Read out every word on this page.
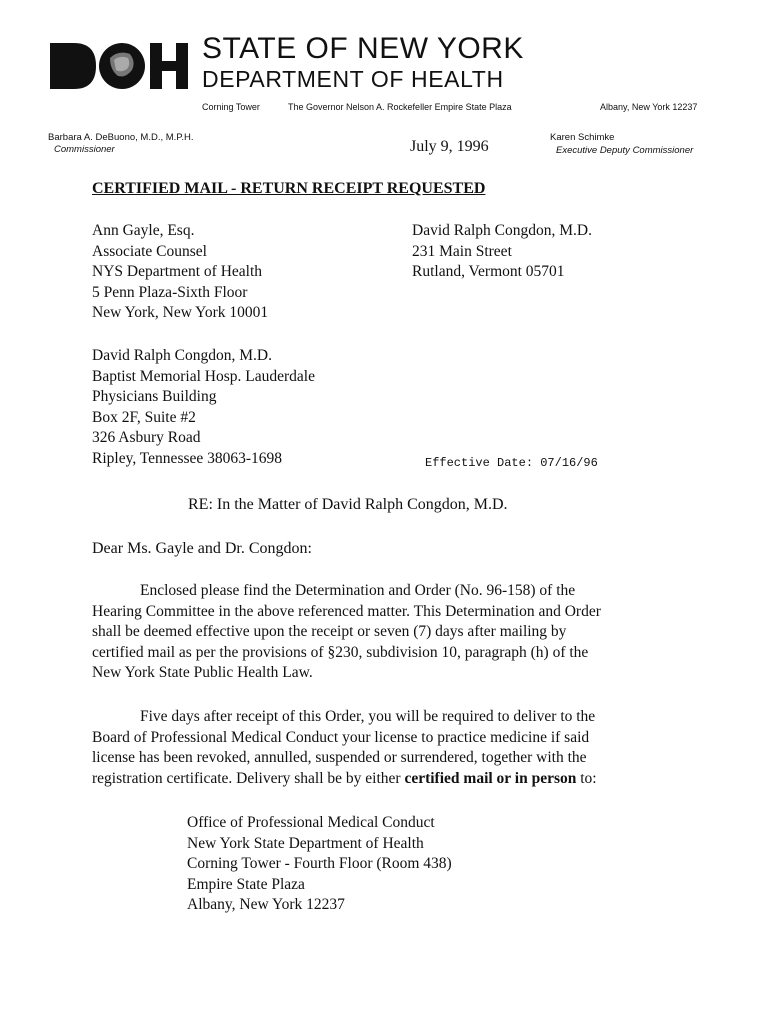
STATE OF NEW YORK
DEPARTMENT OF HEALTH
Corning Tower	The Governor Nelson A. Rockefeller Empire State Plaza	Albany, New York 12237
Barbara A. DeBuono, M.D., M.P.H.
Commissioner	July 9, 1996
Karen Schimke
Executive Deputy Commissioner
CERTIFIED MAIL - RETURN RECEIPT REQUESTED
Ann Gayle, Esq.
Associate Counsel
NYS Department of Health
5 Penn Plaza-Sixth Floor
New York, New York 10001
David Ralph Congdon, M.D.
231 Main Street
Rutland, Vermont 05701
David Ralph Congdon, M.D.
Baptist Memorial Hosp. Lauderdale
Physicians Building
Box 2F, Suite #2
326 Asbury Road
Ripley, Tennessee 38063-1698	Effective Date: 07/16/96
RE: In the Matter of David Ralph Congdon, M.D.
Dear Ms. Gayle and Dr. Congdon:
Enclosed please find the Determination and Order (No. 96-158) of the
Hearing Committee in the above referenced matter. This Determination and Order
shall be deemed effective upon the receipt or seven (7) days after mailing by
certified mail as per the provisions of §230, subdivision 10, paragraph (h) of the
New York State Public Health Law.
Five days after receipt of this Order, you will be required to deliver to the
Board of Professional Medical Conduct your license to practice medicine if said
license has been revoked, annulled, suspended or surrendered, together with the
registration certificate. Delivery shall be by either certified mail or in person to:
Office of Professional Medical Conduct
New York State Department of Health
Corning Tower - Fourth Floor (Room 438)
Empire State Plaza
Albany, New York 12237
